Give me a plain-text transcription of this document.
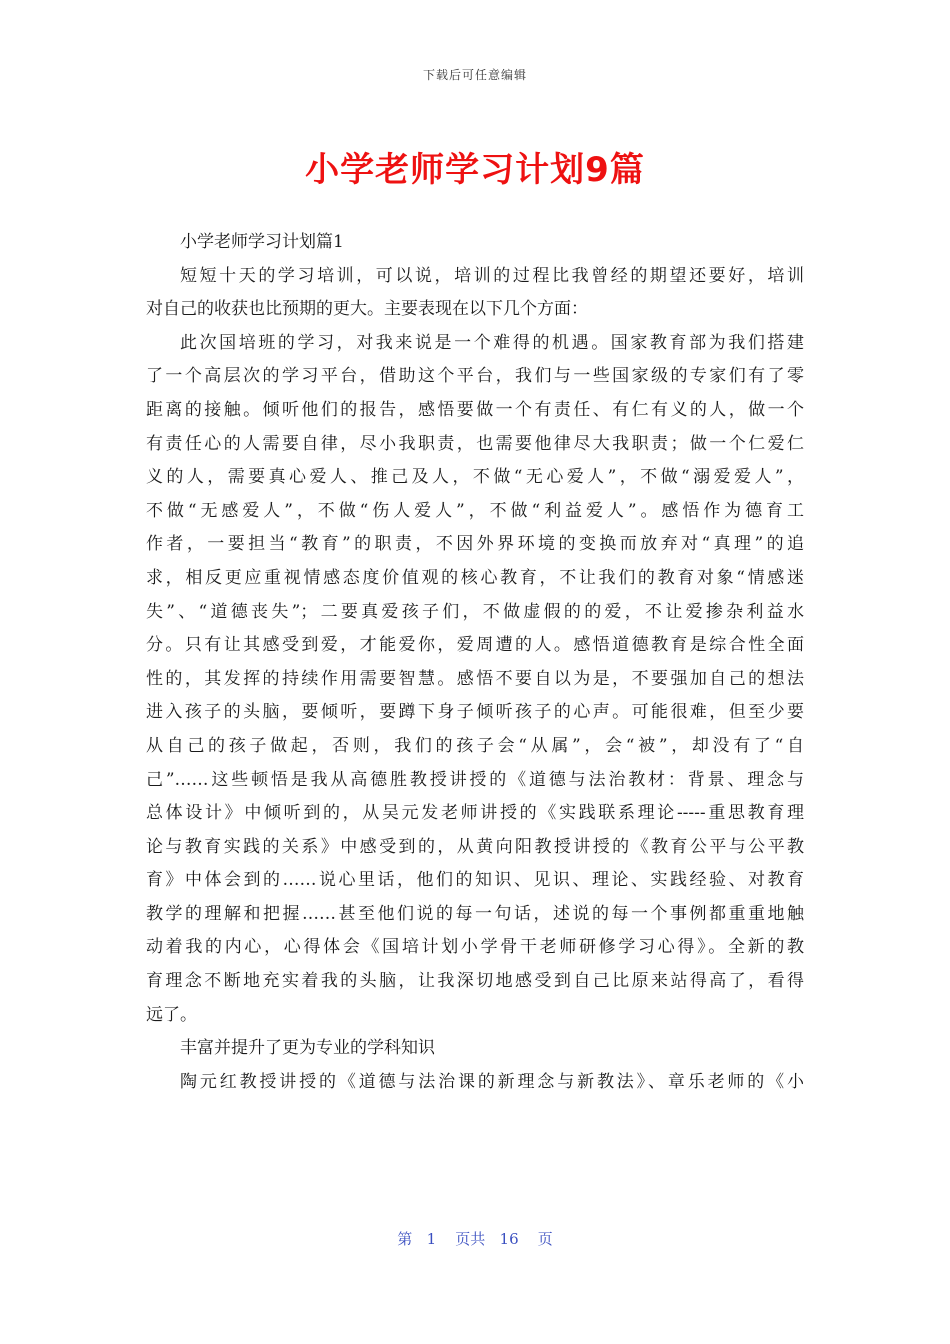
下载后可任意编辑
小学老师学习计划9篇
小学老师学习计划篇1
短短十天的学习培训，可以说，培训的过程比我曾经的期望还要好，培训
对自己的收获也比预期的更大。主要表现在以下几个方面：
此次国培班的学习，对我来说是一个难得的机遇。国家教育部为我们搭建
了一个高层次的学习平台，借助这个平台，我们与一些国家级的专家们有了零
距离的接触。倾听他们的报告，感悟要做一个有责任、有仁有义的人，做一个
有责任心的人需要自律，尽小我职责，也需要他律尽大我职责；做一个仁爱仁
义的人，需要真心爱人、推己及人，不做“无心爱人”，不做“溺爱爱人”，
不做“无感爱人”，不做“伤人爱人”，不做“利益爱人”。感悟作为德育工
作者，一要担当“教育”的职责，不因外界环境的变换而放弃对“真理”的追
求，相反更应重视情感态度价值观的核心教育，不让我们的教育对象“情感迷
失”、“道德丧失”；二要真爱孩子们，不做虚假的的爱，不让爱掺杂利益水
分。只有让其感受到爱，才能爱你，爱周遭的人。感悟道德教育是综合性全面
性的，其发挥的持续作用需要智慧。感悟不要自以为是，不要强加自己的想法
进入孩子的头脑，要倾听，要蹲下身子倾听孩子的心声。可能很难，但至少要
从自己的孩子做起，否则，我们的孩子会“从属”，会“被”，却没有了“自
己”……这些顿悟是我从高德胜教授讲授的《道德与法治教材：背景、理念与
总体设计》中倾听到的，从吴元发老师讲授的《实践联系理论-----重思教育理
论与教育实践的关系》中感受到的，从黄向阳教授讲授的《教育公平与公平教
育》中体会到的……说心里话，他们的知识、见识、理论、实践经验、对教育
教学的理解和把握……甚至他们说的每一句话，述说的每一个事例都重重地触
动着我的内心，心得体会《国培计划小学骨干老师研修学习心得》。全新的教
育理念不断地充实着我的头脑，让我深切地感受到自己比原来站得高了，看得
远了。
丰富并提升了更为专业的学科知识
陶元红教授讲授的《道德与法治课的新理念与新教法》、章乐老师的《小
第 1 页共 16 页
